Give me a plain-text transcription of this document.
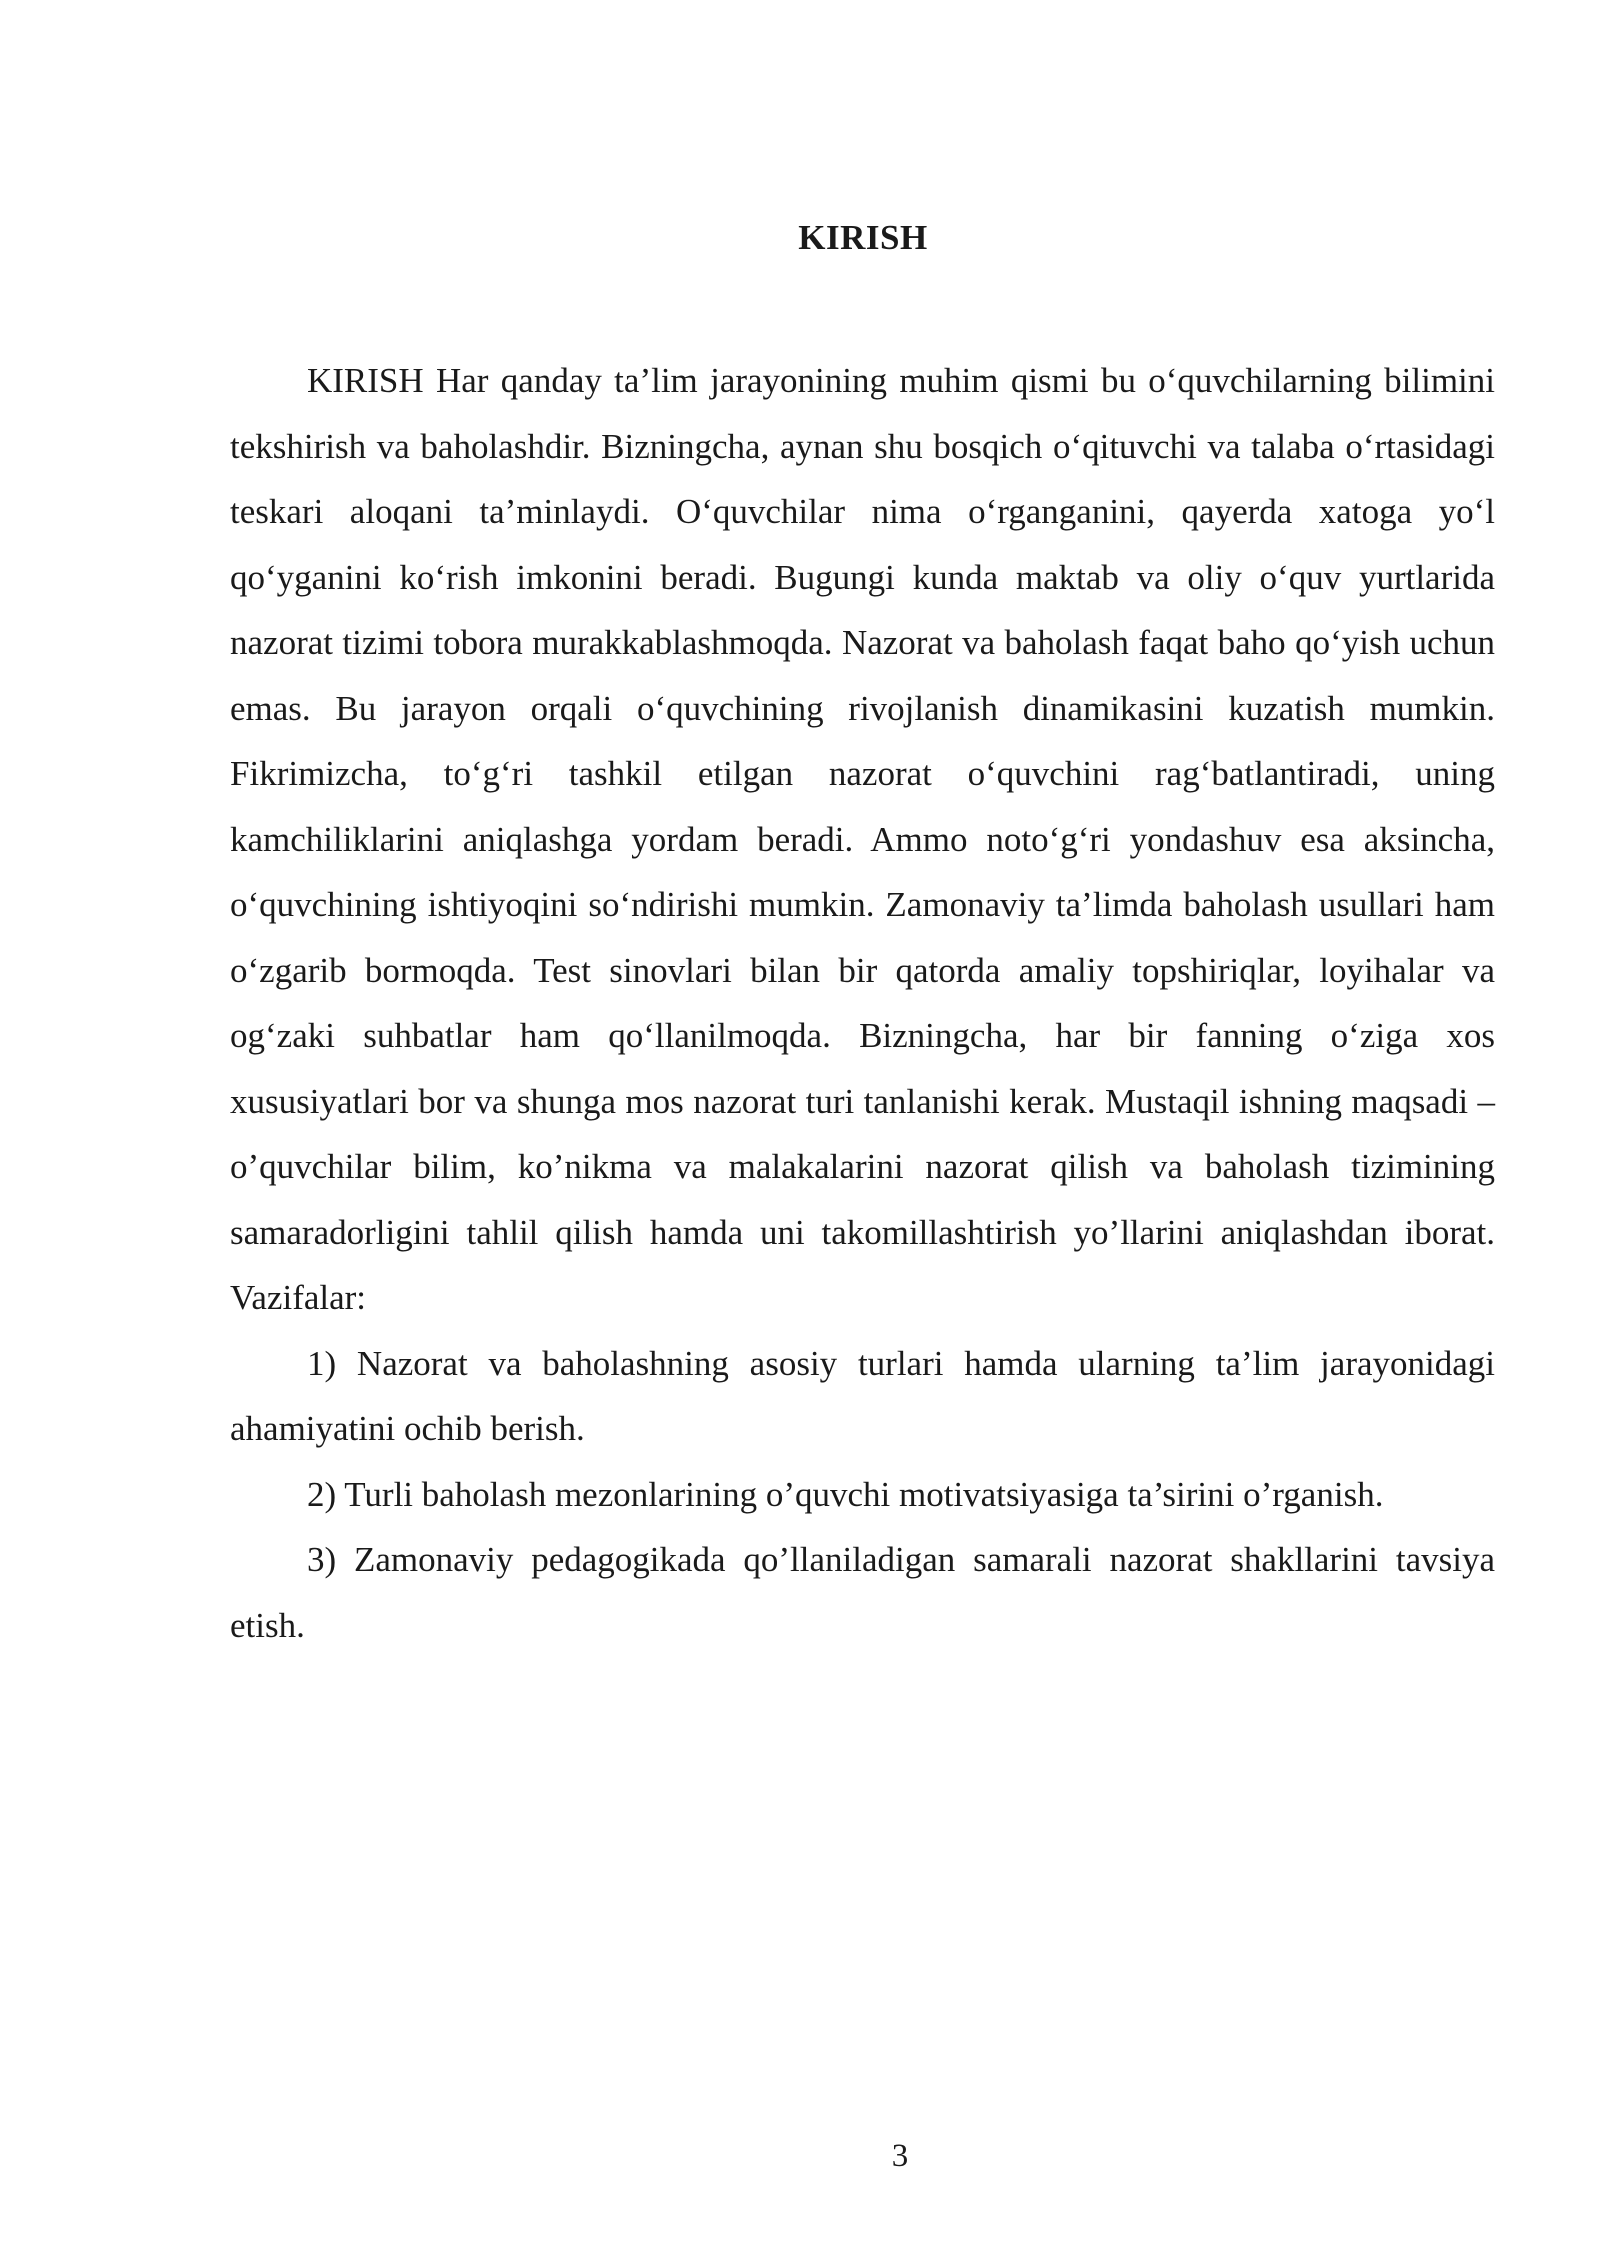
KIRISH

KIRISH Har qanday ta’lim jarayonining muhim qismi bu o‘quvchilarning bilimini tekshirish va baholashdir. Bizningcha, aynan shu bosqich o‘qituvchi va talaba o‘rtasidagi teskari aloqani ta’minlaydi. O‘quvchilar nima o‘rganganini, qayerda xatoga yo‘l qo‘yganini ko‘rish imkonini beradi. Bugungi kunda maktab va oliy o‘quv yurtlarida nazorat tizimi tobora murakkablashmoqda. Nazorat va baholash faqat baho qo‘yish uchun emas. Bu jarayon orqali o‘quvchining rivojlanish dinamikasini kuzatish mumkin. Fikrimizcha, to‘g‘ri tashkil etilgan nazorat o‘quvchini rag‘batlantiradi, uning kamchiliklarini aniqlashga yordam beradi. Ammo noto‘g‘ri yondashuv esa aksincha, o‘quvchining ishtiyoqini so‘ndirishi mumkin. Zamonaviy ta’limda baholash usullari ham o‘zgarib bormoqda. Test sinovlari bilan bir qatorda amaliy topshiriqlar, loyihalar va og‘zaki suhbatlar ham qo‘llanilmoqda. Bizningcha, har bir fanning o‘ziga xos xususiyatlari bor va shunga mos nazorat turi tanlanishi kerak. Mustaqil ishning maqsadi – o’quvchilar bilim, ko’nikma va malakalarini nazorat qilish va baholash tizimining samaradorligini tahlil qilish hamda uni takomillashtirish yo’llarini aniqlashdan iborat. Vazifalar:

1) Nazorat va baholashning asosiy turlari hamda ularning ta’lim jarayonidagi ahamiyatini ochib berish.

2) Turli baholash mezonlarining o’quvchi motivatsiyasiga ta’sirini o’rganish.

3) Zamonaviy pedagogikada qo’llaniladigan samarali nazorat shakllarini tavsiya etish.

3
